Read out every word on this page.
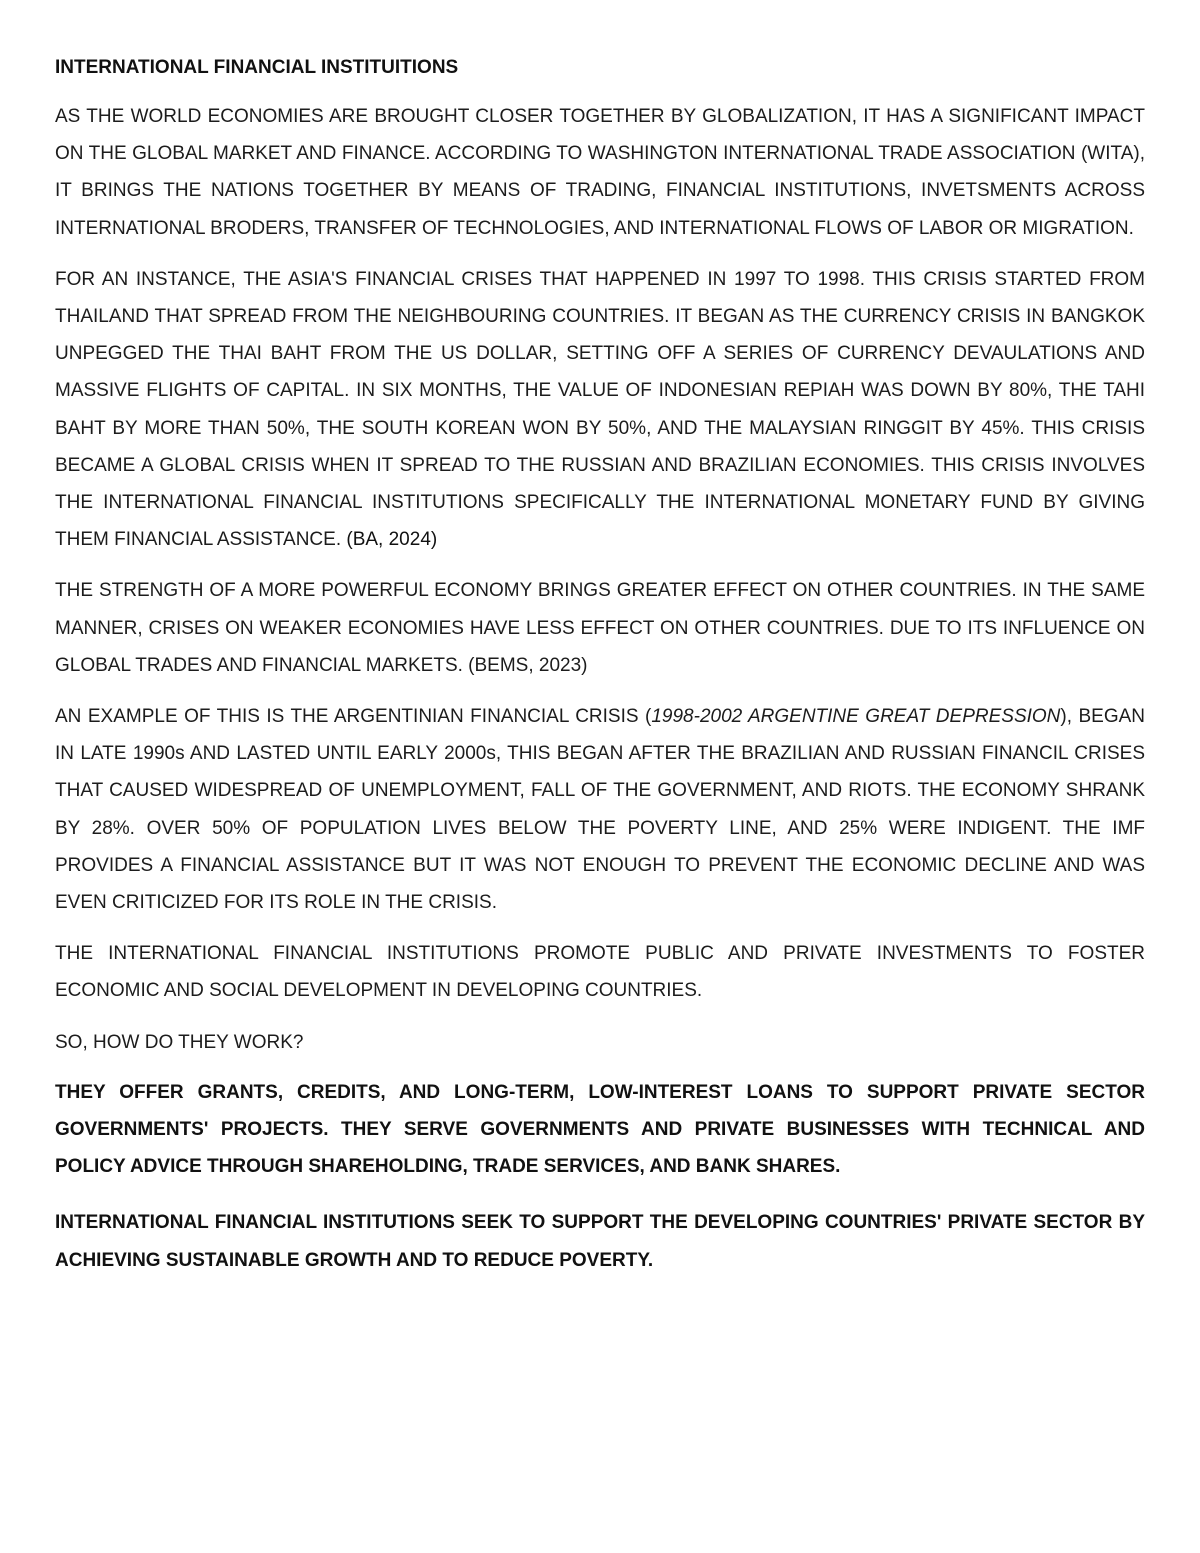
INTERNATIONAL FINANCIAL INSTITUITIONS

AS THE WORLD ECONOMIES ARE BROUGHT CLOSER TOGETHER BY GLOBALIZATION, IT HAS A SIGNIFICANT IMPACT ON THE GLOBAL MARKET AND FINANCE. ACCORDING TO WASHINGTON INTERNATIONAL TRADE ASSOCIATION (WITA), IT BRINGS THE NATIONS TOGETHER BY MEANS OF TRADING, FINANCIAL INSTITUTIONS, INVETSMENTS ACROSS INTERNATIONAL BRODERS, TRANSFER OF TECHNOLOGIES, AND INTERNATIONAL FLOWS OF LABOR OR MIGRATION.

FOR AN INSTANCE, THE ASIA'S FINANCIAL CRISES THAT HAPPENED IN 1997 TO 1998. THIS CRISIS STARTED FROM THAILAND THAT SPREAD FROM THE NEIGHBOURING COUNTRIES. IT BEGAN AS THE CURRENCY CRISIS IN BANGKOK UNPEGGED THE THAI BAHT FROM THE US DOLLAR, SETTING OFF A SERIES OF CURRENCY DEVAULATIONS AND MASSIVE FLIGHTS OF CAPITAL. IN SIX MONTHS, THE VALUE OF INDONESIAN REPIAH WAS DOWN BY 80%, THE TAHI BAHT BY MORE THAN 50%, THE SOUTH KOREAN WON BY 50%, AND THE MALAYSIAN RINGGIT BY 45%. THIS CRISIS BECAME A GLOBAL CRISIS WHEN IT SPREAD TO THE RUSSIAN AND BRAZILIAN ECONOMIES. THIS CRISIS INVOLVES THE INTERNATIONAL FINANCIAL INSTITUTIONS SPECIFICALLY THE INTERNATIONAL MONETARY FUND BY GIVING THEM FINANCIAL ASSISTANCE. (BA, 2024)

THE STRENGTH OF A MORE POWERFUL ECONOMY BRINGS GREATER EFFECT ON OTHER COUNTRIES. IN THE SAME MANNER, CRISES ON WEAKER ECONOMIES HAVE LESS EFFECT ON OTHER COUNTRIES. DUE TO ITS INFLUENCE ON GLOBAL TRADES AND FINANCIAL MARKETS. (BEMS, 2023)

AN EXAMPLE OF THIS IS THE ARGENTINIAN FINANCIAL CRISIS (1998-2002 ARGENTINE GREAT DEPRESSION), BEGAN IN LATE 1990s AND LASTED UNTIL EARLY 2000s, THIS BEGAN AFTER THE BRAZILIAN AND RUSSIAN FINANCIL CRISES THAT CAUSED WIDESPREAD OF UNEMPLOYMENT, FALL OF THE GOVERNMENT, AND RIOTS. THE ECONOMY SHRANK BY 28%. OVER 50% OF POPULATION LIVES BELOW THE POVERTY LINE, AND 25% WERE INDIGENT. THE IMF PROVIDES A FINANCIAL ASSISTANCE BUT IT WAS NOT ENOUGH TO PREVENT THE ECONOMIC DECLINE AND WAS EVEN CRITICIZED FOR ITS ROLE IN THE CRISIS.

THE INTERNATIONAL FINANCIAL INSTITUTIONS PROMOTE PUBLIC AND PRIVATE INVESTMENTS TO FOSTER ECONOMIC AND SOCIAL DEVELOPMENT IN DEVELOPING COUNTRIES.

SO, HOW DO THEY WORK?

THEY OFFER GRANTS, CREDITS, AND LONG-TERM, LOW-INTEREST LOANS TO SUPPORT PRIVATE SECTOR GOVERNMENTS' PROJECTS. THEY SERVE GOVERNMENTS AND PRIVATE BUSINESSES WITH TECHNICAL AND POLICY ADVICE THROUGH SHAREHOLDING, TRADE SERVICES, AND BANK SHARES.

INTERNATIONAL FINANCIAL INSTITUTIONS SEEK TO SUPPORT THE DEVELOPING COUNTRIES' PRIVATE SECTOR BY ACHIEVING SUSTAINABLE GROWTH AND TO REDUCE POVERTY.
